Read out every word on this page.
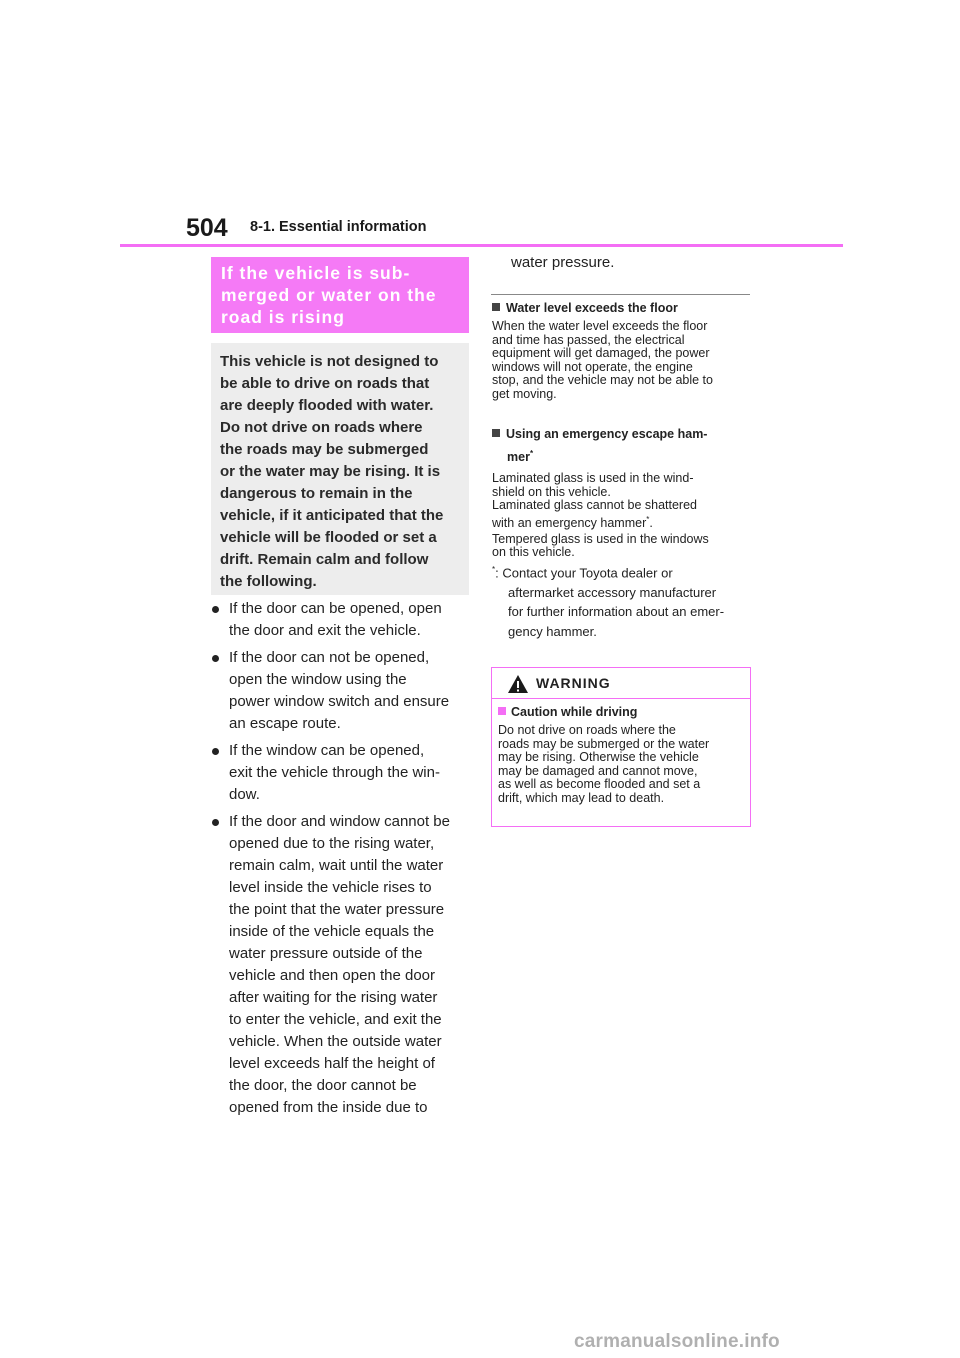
504 8-1. Essential information

If the vehicle is sub-
merged or water on the
road is rising

This vehicle is not designed to
be able to drive on roads that
are deeply flooded with water.
Do not drive on roads where
the roads may be submerged
or the water may be rising. It is
dangerous to remain in the
vehicle, if it anticipated that the
vehicle will be flooded or set a
drift. Remain calm and follow
the following.

If the door can be opened, open
the door and exit the vehicle.
If the door can not be opened,
open the window using the
power window switch and ensure
an escape route.
If the window can be opened,
exit the vehicle through the win-
dow.
If the door and window cannot be
opened due to the rising water,
remain calm, wait until the water
level inside the vehicle rises to
the point that the water pressure
inside of the vehicle equals the
water pressure outside of the
vehicle and then open the door
after waiting for the rising water
to enter the vehicle, and exit the
vehicle. When the outside water
level exceeds half the height of
the door, the door cannot be
opened from the inside due to
water pressure.

Water level exceeds the floor

When the water level exceeds the floor
and time has passed, the electrical
equipment will get damaged, the power
windows will not operate, the engine
stop, and the vehicle may not be able to
get moving.

Using an emergency escape ham-
mer*

Laminated glass is used in the wind-
shield on this vehicle.
Laminated glass cannot be shattered
with an emergency hammer*.
Tempered glass is used in the windows
on this vehicle.

*: Contact your Toyota dealer or
aftermarket accessory manufacturer
for further information about an emer-
gency hammer.

WARNING

Caution while driving

Do not drive on roads where the
roads may be submerged or the water
may be rising. Otherwise the vehicle
may be damaged and cannot move,
as well as become flooded and set a
drift, which may lead to death.

carmanualsonline.info
